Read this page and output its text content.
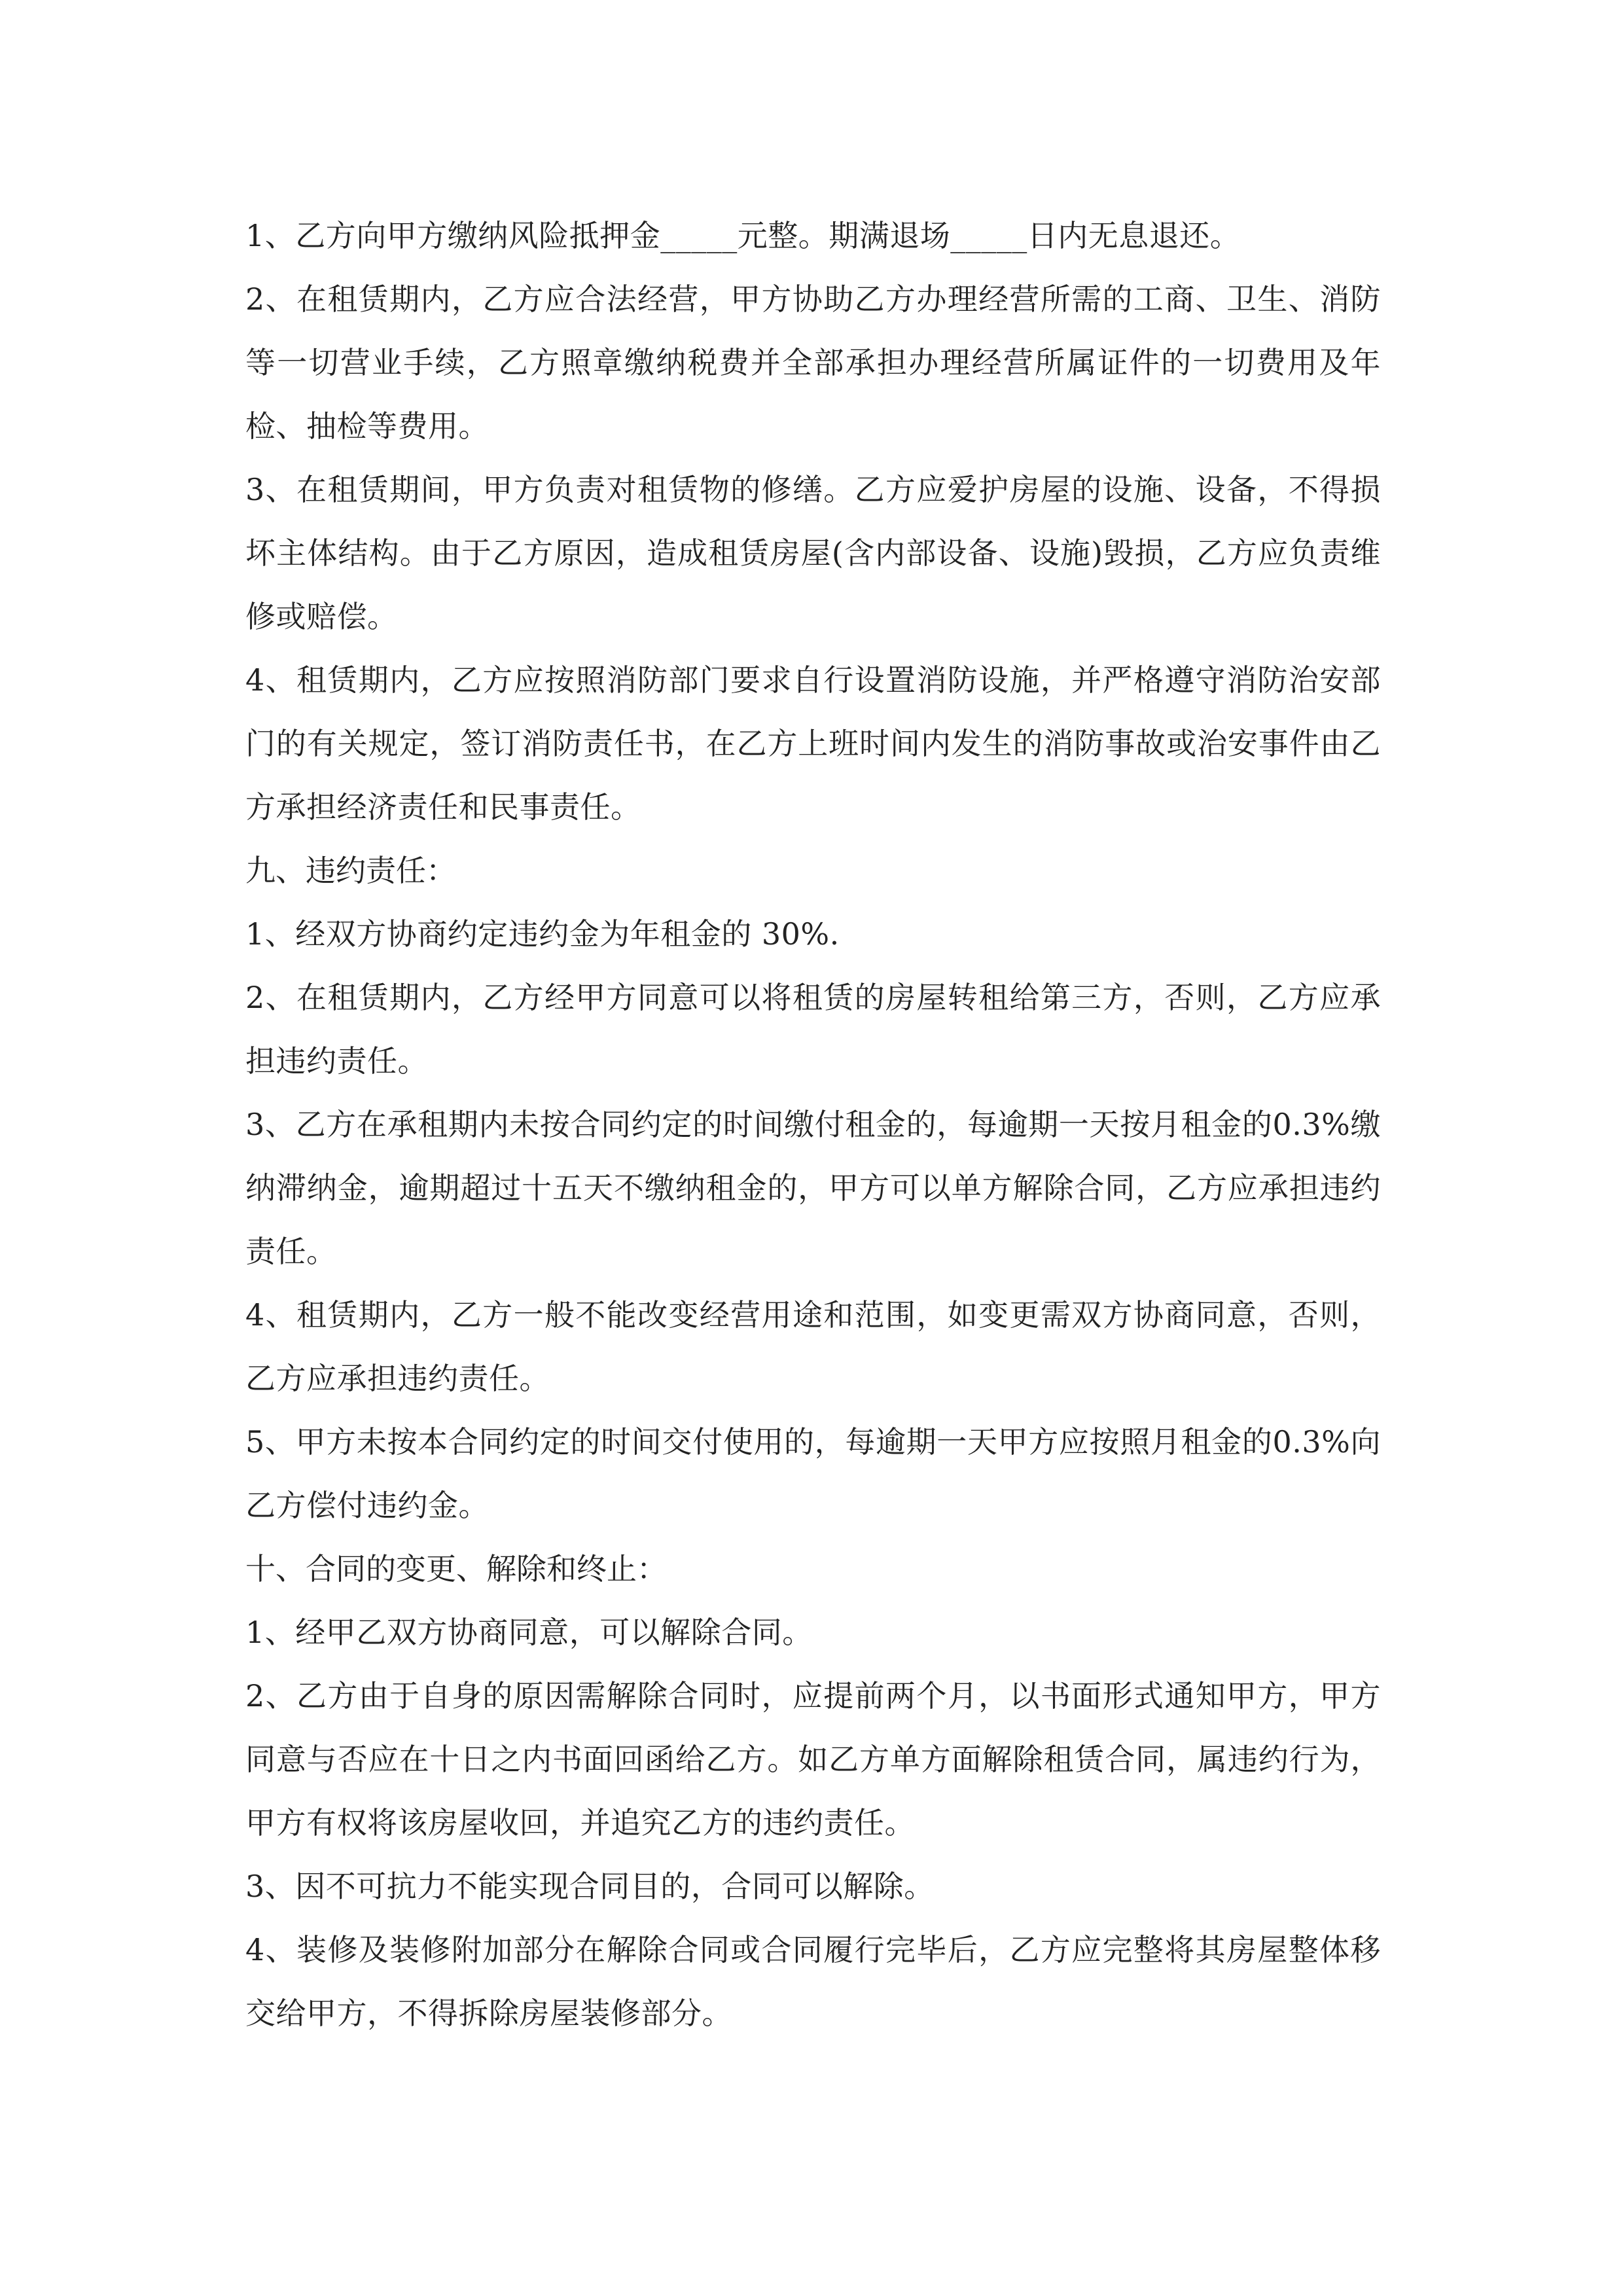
1、乙方向甲方缴纳风险抵押金_____元整。期满退场_____日内无息退还。

2、在租赁期内，乙方应合法经营，甲方协助乙方办理经营所需的工商、卫生、消防等一切营业手续，乙方照章缴纳税费并全部承担办理经营所属证件的一切费用及年检、抽检等费用。

3、在租赁期间，甲方负责对租赁物的修缮。乙方应爱护房屋的设施、设备，不得损坏主体结构。由于乙方原因，造成租赁房屋(含内部设备、设施)毁损，乙方应负责维修或赔偿。

4、租赁期内，乙方应按照消防部门要求自行设置消防设施，并严格遵守消防治安部门的有关规定，签订消防责任书，在乙方上班时间内发生的消防事故或治安事件由乙方承担经济责任和民事责任。

九、违约责任：

1、经双方协商约定违约金为年租金的 30%.

2、在租赁期内，乙方经甲方同意可以将租赁的房屋转租给第三方，否则，乙方应承担违约责任。

3、乙方在承租期内未按合同约定的时间缴付租金的，每逾期一天按月租金的0.3%缴纳滞纳金，逾期超过十五天不缴纳租金的，甲方可以单方解除合同，乙方应承担违约责任。

4、租赁期内，乙方一般不能改变经营用途和范围，如变更需双方协商同意，否则，乙方应承担违约责任。

5、甲方未按本合同约定的时间交付使用的，每逾期一天甲方应按照月租金的0.3%向乙方偿付违约金。

十、合同的变更、解除和终止：

1、经甲乙双方协商同意，可以解除合同。

2、乙方由于自身的原因需解除合同时，应提前两个月，以书面形式通知甲方，甲方同意与否应在十日之内书面回函给乙方。如乙方单方面解除租赁合同，属违约行为，甲方有权将该房屋收回，并追究乙方的违约责任。

3、因不可抗力不能实现合同目的，合同可以解除。

4、装修及装修附加部分在解除合同或合同履行完毕后，乙方应完整将其房屋整体移交给甲方，不得拆除房屋装修部分。
